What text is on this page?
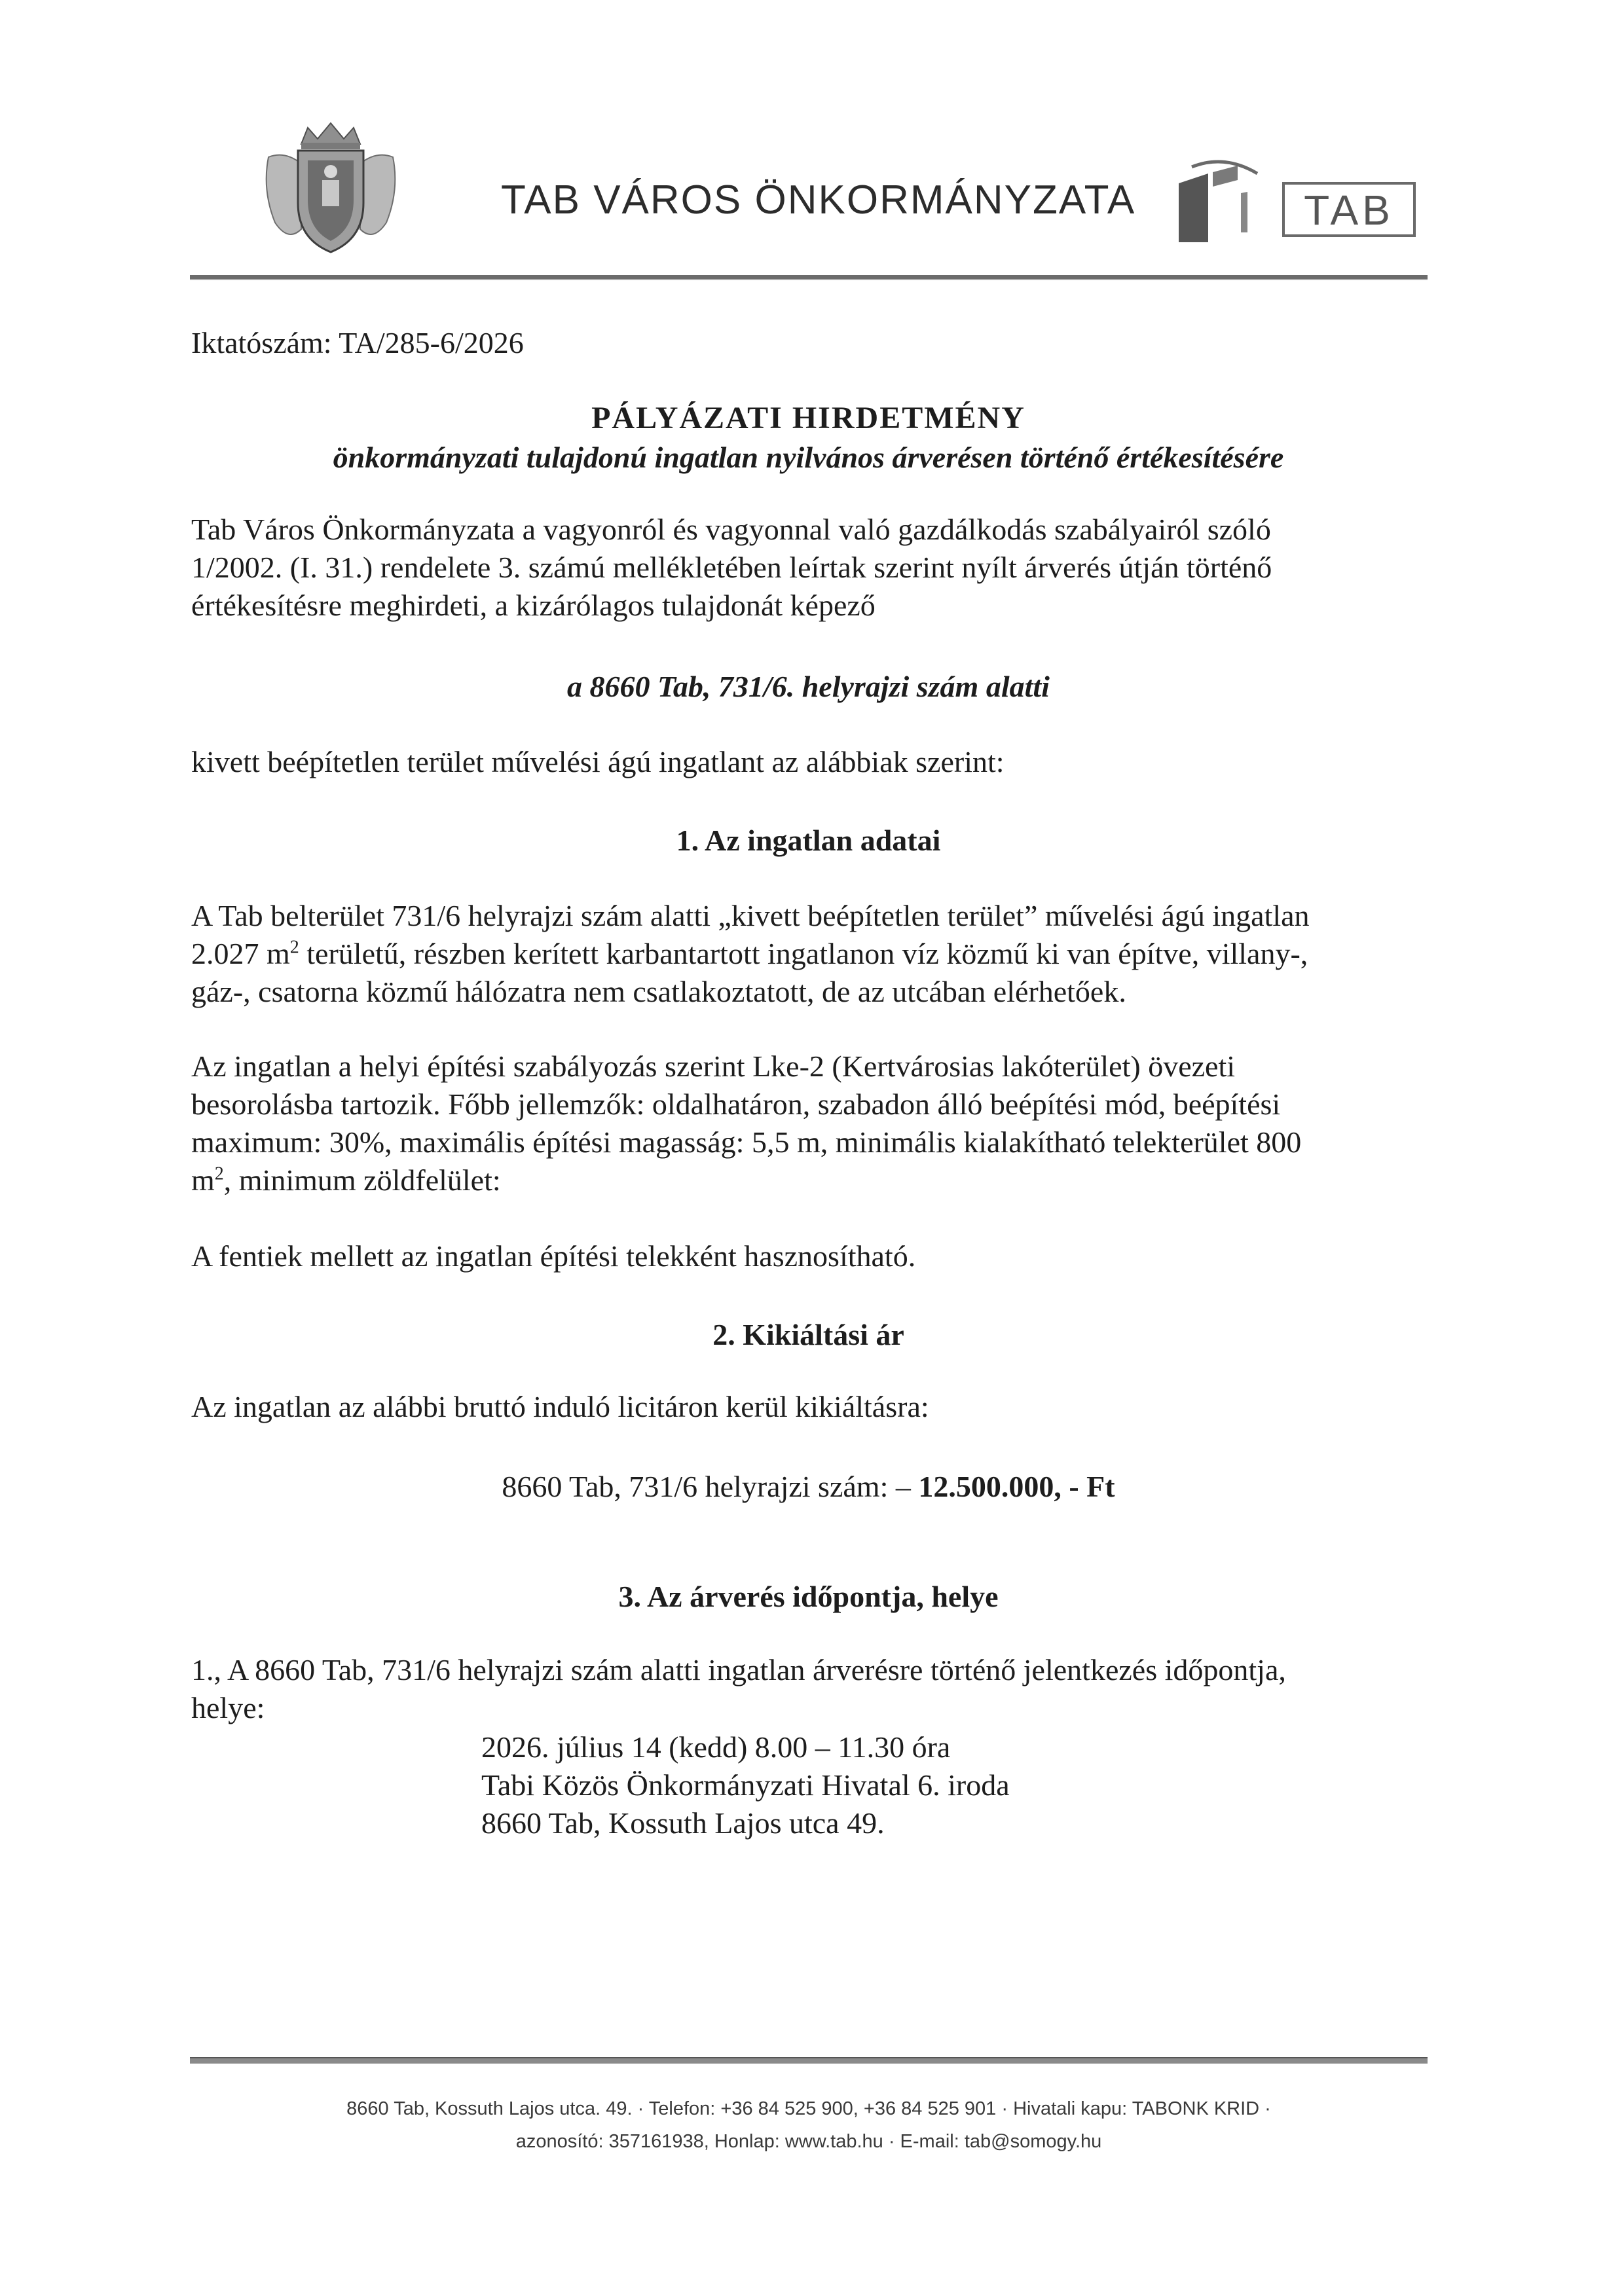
TAB VÁROS ÖNKORMÁNYZATA	TAB
Iktatószám: TA/285-6/2026
PÁLYÁZATI HIRDETMÉNY
önkormányzati tulajdonú ingatlan nyilvános árverésen történő értékesítésére
Tab Város Önkormányzata a vagyonról és vagyonnal való gazdálkodás szabályairól szóló
1/2002. (I. 31.) rendelete 3. számú mellékletében leírtak szerint nyílt árverés útján történő
értékesítésre meghirdeti, a kizárólagos tulajdonát képező
a 8660 Tab, 731/6. helyrajzi szám alatti
kivett beépítetlen terület művelési ágú ingatlant az alábbiak szerint:
1. Az ingatlan adatai
A Tab belterület 731/6 helyrajzi szám alatti „kivett beépítetlen terület” művelési ágú ingatlan
2.027 $m^2$ területű, részben kerített karbantartott ingatlanon víz közmű ki van építve, villany-,
gáz-, csatorna közmű hálózatra nem csatlakoztatott, de az utcában elérhetőek.
Az ingatlan a helyi építési szabályozás szerint Lke-2 (Kertvárosias lakóterület) övezeti
besorolásba tartozik. Főbb jellemzők: oldalhatáron, szabadon álló beépítési mód, beépítési
maximum: 30%, maximális építési magasság: 5,5 m, minimális kialakítható telekterület 800
$m^2$, minimum zöldfelület:
A fentiek mellett az ingatlan építési telekként hasznosítható.
2. Kikiáltási ár
Az ingatlan az alábbi bruttó induló licitáron kerül kikiáltásra:
8660 Tab, 731/6 helyrajzi szám: – 12.500.000, - Ft
3. Az árverés időpontja, helye
1., A 8660 Tab, 731/6 helyrajzi szám alatti ingatlan árverésre történő jelentkezés időpontja,
helye:
2026. július 14 (kedd) 8.00 – 11.30 óra
Tabi Közös Önkormányzati Hivatal 6. iroda
8660 Tab, Kossuth Lajos utca 49.
8660 Tab, Kossuth Lajos utca. 49. · Telefon: +36 84 525 900, +36 84 525 901 · Hivatali kapu: TABONK KRID ·
azonosító: 357161938, Honlap: www.tab.hu · E-mail: tab@somogy.hu
